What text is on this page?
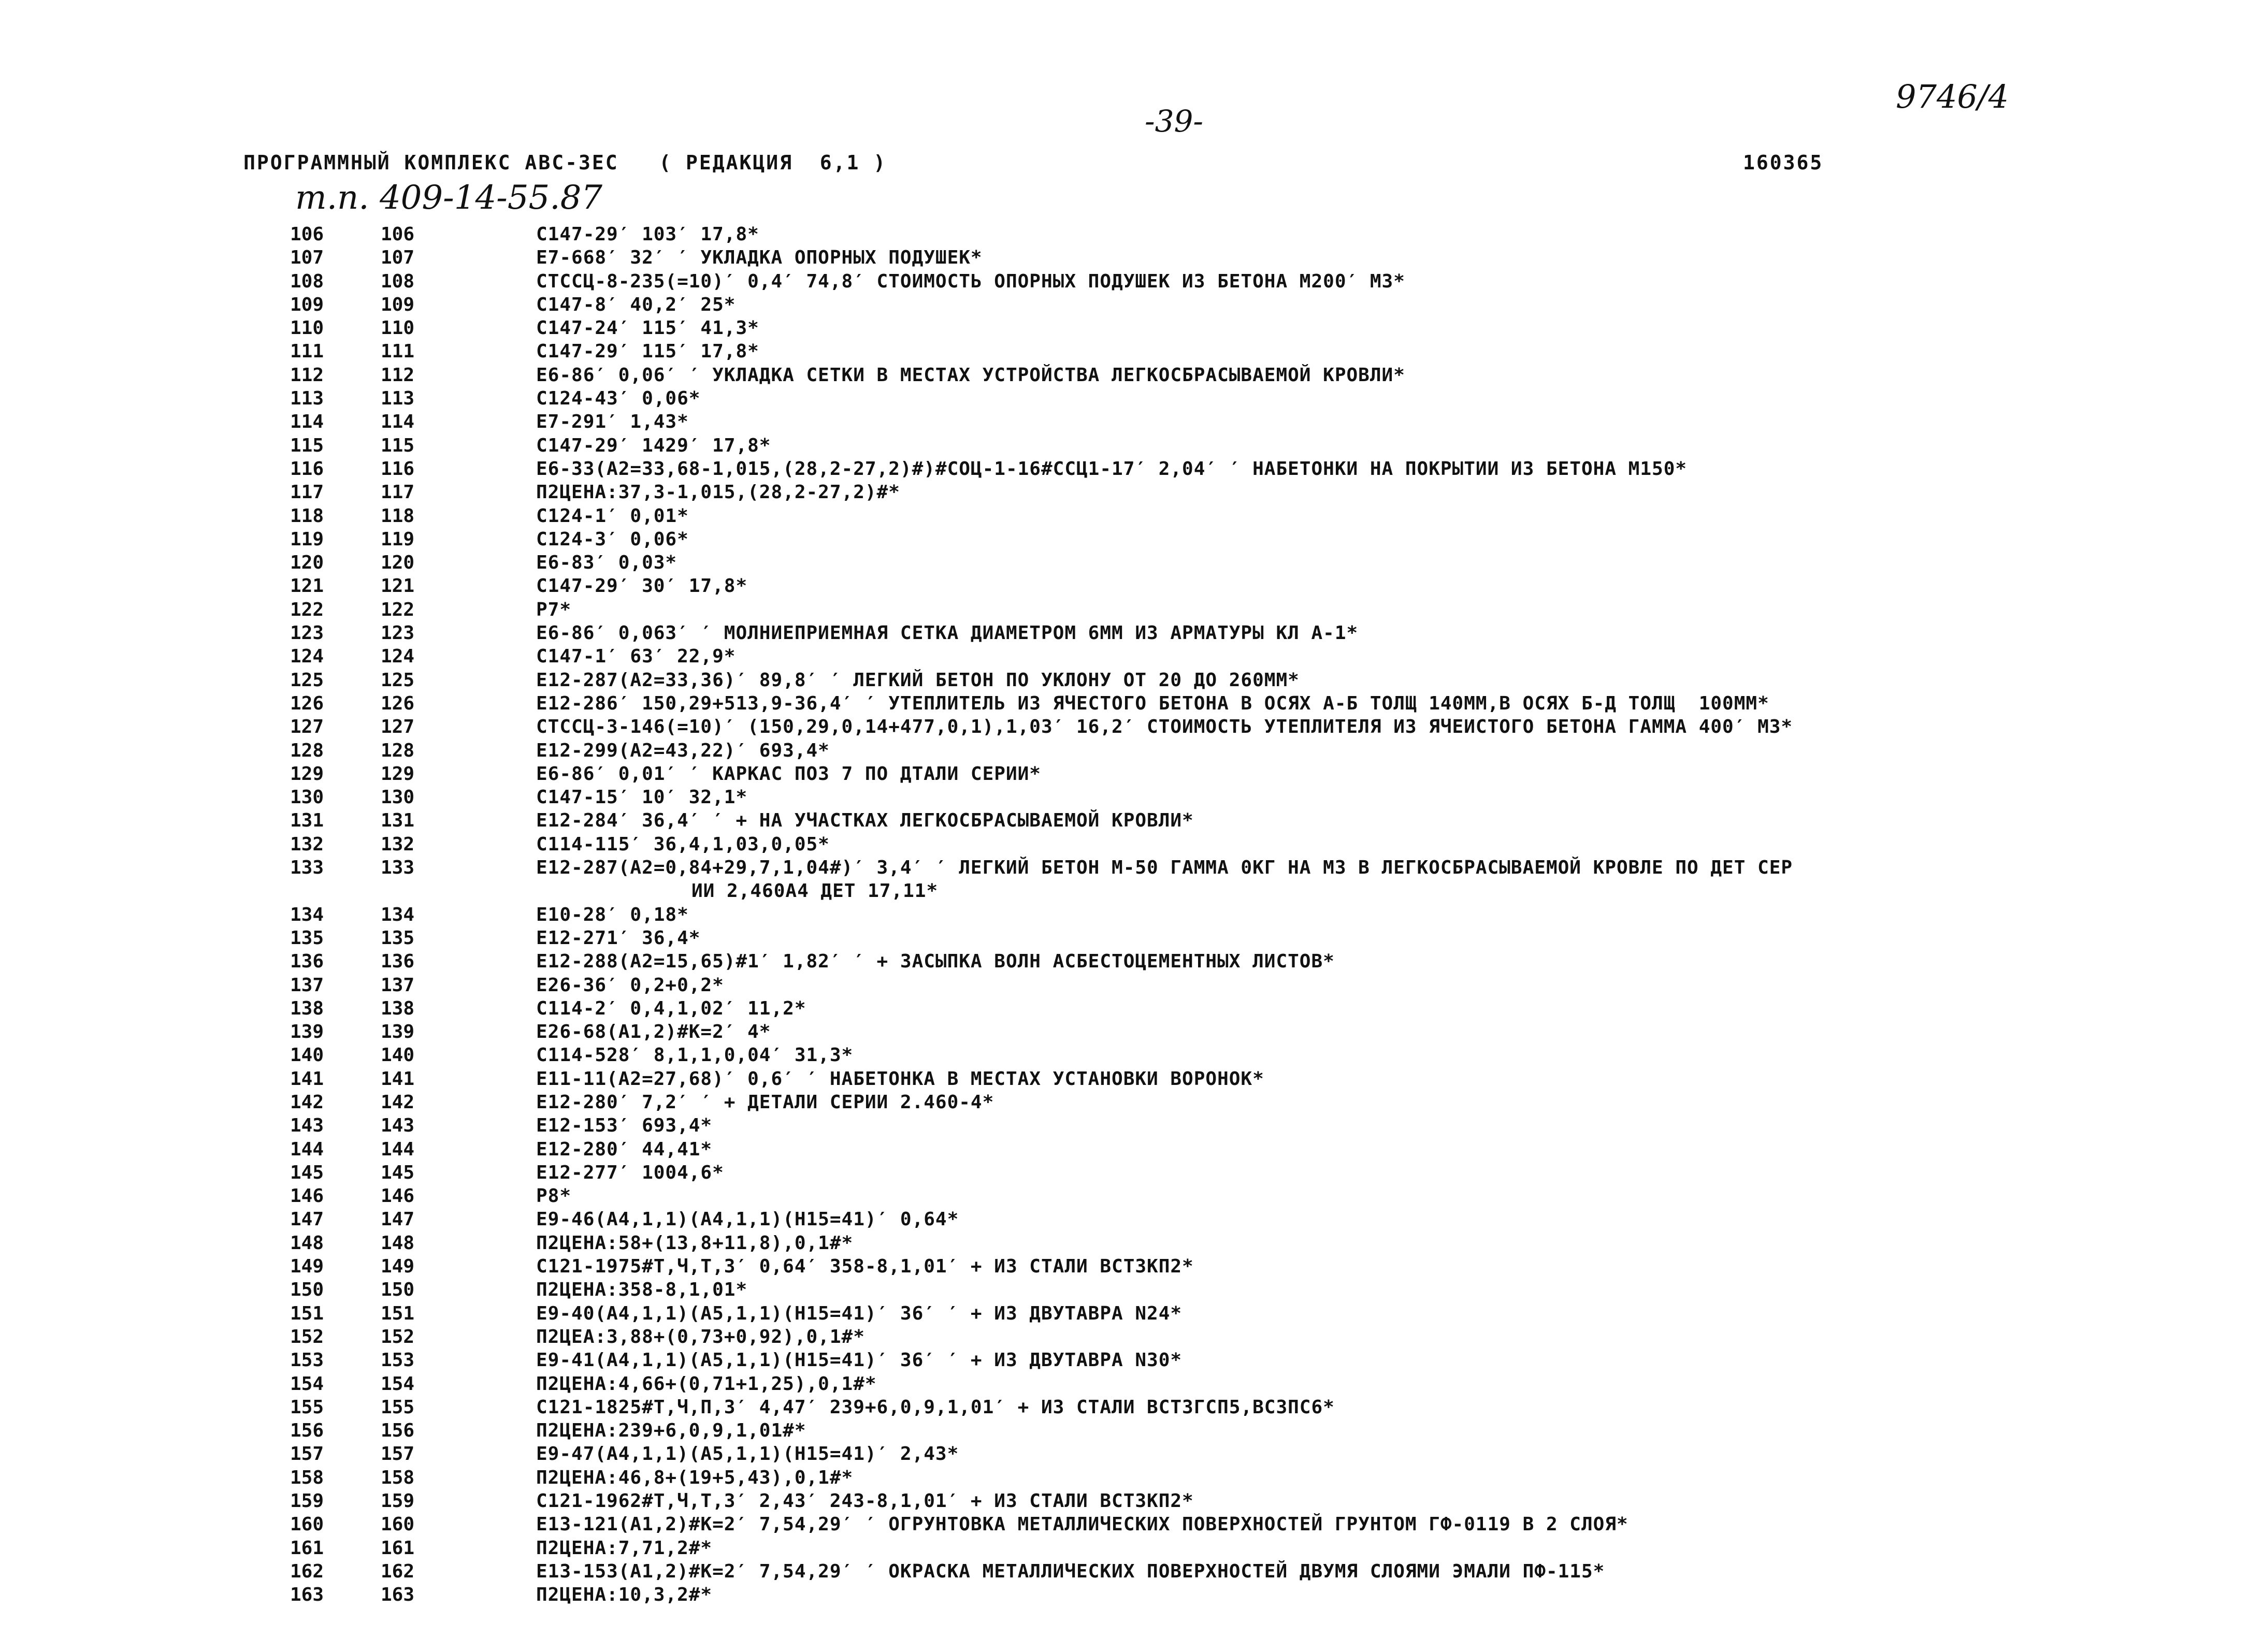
9746/4
-39-
ПРОГРАММНЫЙ КОМПЛЕКС АВС-3ЕС   ( РЕДАКЦИЯ  6,1 )	160365
т.п. 409-14-55.87
106	106	С147-29′ 103′ 17,8*
107	107	Е7-668′ 32′ ′ УКЛАДКА ОПОРНЫХ ПОДУШЕК*
108	108	СТССЦ-8-235(=10)′ 0,4′ 74,8′ СТОИМОСТЬ ОПОРНЫХ ПОДУШЕК ИЗ БЕТОНА М200′ М3*
109	109	С147-8′ 40,2′ 25*
110	110	С147-24′ 115′ 41,3*
111	111	С147-29′ 115′ 17,8*
112	112	Е6-86′ 0,06′ ′ УКЛАДКА СЕТКИ В МЕСТАХ УСТРОЙСТВА ЛЕГКОСБРАСЫВАЕМОЙ КРОВЛИ*
113	113	С124-43′ 0,06*
114	114	Е7-291′ 1,43*
115	115	С147-29′ 1429′ 17,8*
116	116	Е6-33(А2=33,68-1,015,(28,2-27,2)#)#СОЦ-1-16#ССЦ1-17′ 2,04′ ′ НАБЕТОНКИ НА ПОКРЫТИИ ИЗ БЕТОНА М150*
117	117	П2ЦЕНА:37,3-1,015,(28,2-27,2)#*
118	118	С124-1′ 0,01*
119	119	С124-3′ 0,06*
120	120	Е6-83′ 0,03*
121	121	С147-29′ 30′ 17,8*
122	122	Р7*
123	123	Е6-86′ 0,063′ ′ МОЛНИЕПРИЕМНАЯ СЕТКА ДИАМЕТРОМ 6ММ ИЗ АРМАТУРЫ КЛ А-1*
124	124	С147-1′ 63′ 22,9*
125	125	Е12-287(А2=33,36)′ 89,8′ ′ ЛЕГКИЙ БЕТОН ПО УКЛОНУ ОТ 20 ДО 260ММ*
126	126	Е12-286′ 150,29+513,9-36,4′ ′ УТЕПЛИТЕЛЬ ИЗ ЯЧЕСТОГО БЕТОНА В ОСЯХ А-Б ТОЛЩ 140ММ,В ОСЯХ Б-Д ТОЛЩ  100ММ*
127	127	СТССЦ-3-146(=10)′ (150,29,0,14+477,0,1),1,03′ 16,2′ СТОИМОСТЬ УТЕПЛИТЕЛЯ ИЗ ЯЧЕИСТОГО БЕТОНА ГАММА 400′ М3*
128	128	Е12-299(А2=43,22)′ 693,4*
129	129	Е6-86′ 0,01′ ′ КАРКАС ПОЗ 7 ПО ДТАЛИ СЕРИИ*
130	130	С147-15′ 10′ 32,1*
131	131	Е12-284′ 36,4′ ′ + НА УЧАСТКАХ ЛЕГКОСБРАСЫВАЕМОЙ КРОВЛИ*
132	132	С114-115′ 36,4,1,03,0,05*
133	133	Е12-287(А2=0,84+29,7,1,04#)′ 3,4′ ′ ЛЕГКИЙ БЕТОН М-50 ГАММА 0КГ НА М3 В ЛЕГКОСБРАСЫВАЕМОЙ КРОВЛЕ ПО ДЕТ СЕР
ИИ 2,460А4 ДЕТ 17,11*
134	134	Е10-28′ 0,18*
135	135	Е12-271′ 36,4*
136	136	Е12-288(А2=15,65)#1′ 1,82′ ′ + ЗАСЫПКА ВОЛН АСБЕСТОЦЕМЕНТНЫХ ЛИСТОВ*
137	137	Е26-36′ 0,2+0,2*
138	138	С114-2′ 0,4,1,02′ 11,2*
139	139	Е26-68(А1,2)#К=2′ 4*
140	140	С114-528′ 8,1,1,0,04′ 31,3*
141	141	Е11-11(А2=27,68)′ 0,6′ ′ НАБЕТОНКА В МЕСТАХ УСТАНОВКИ ВОРОНОК*
142	142	Е12-280′ 7,2′ ′ + ДЕТАЛИ СЕРИИ 2.460-4*
143	143	Е12-153′ 693,4*
144	144	Е12-280′ 44,41*
145	145	Е12-277′ 1004,6*
146	146	Р8*
147	147	Е9-46(А4,1,1)(А4,1,1)(Н15=41)′ 0,64*
148	148	П2ЦЕНА:58+(13,8+11,8),0,1#*
149	149	С121-1975#Т,Ч,Т,3′ 0,64′ 358-8,1,01′ + ИЗ СТАЛИ ВСТ3КП2*
150	150	П2ЦЕНА:358-8,1,01*
151	151	Е9-40(А4,1,1)(А5,1,1)(Н15=41)′ 36′ ′ + ИЗ ДВУТАВРА N24*
152	152	П2ЦЕА:3,88+(0,73+0,92),0,1#*
153	153	Е9-41(А4,1,1)(А5,1,1)(Н15=41)′ 36′ ′ + ИЗ ДВУТАВРА N30*
154	154	П2ЦЕНА:4,66+(0,71+1,25),0,1#*
155	155	С121-1825#Т,Ч,П,3′ 4,47′ 239+6,0,9,1,01′ + ИЗ СТАЛИ ВСТ3ГСП5,ВС3ПС6*
156	156	П2ЦЕНА:239+6,0,9,1,01#*
157	157	Е9-47(А4,1,1)(А5,1,1)(Н15=41)′ 2,43*
158	158	П2ЦЕНА:46,8+(19+5,43),0,1#*
159	159	С121-1962#Т,Ч,Т,3′ 2,43′ 243-8,1,01′ + ИЗ СТАЛИ ВСТ3КП2*
160	160	Е13-121(А1,2)#К=2′ 7,54,29′ ′ ОГРУНТОВКА МЕТАЛЛИЧЕСКИХ ПОВЕРХНОСТЕЙ ГРУНТОМ ГФ-0119 В 2 СЛОЯ*
161	161	П2ЦЕНА:7,71,2#*
162	162	Е13-153(А1,2)#К=2′ 7,54,29′ ′ ОКРАСКА МЕТАЛЛИЧЕСКИХ ПОВЕРХНОСТЕЙ ДВУМЯ СЛОЯМИ ЭМАЛИ ПФ-115*
163	163	П2ЦЕНА:10,3,2#*
